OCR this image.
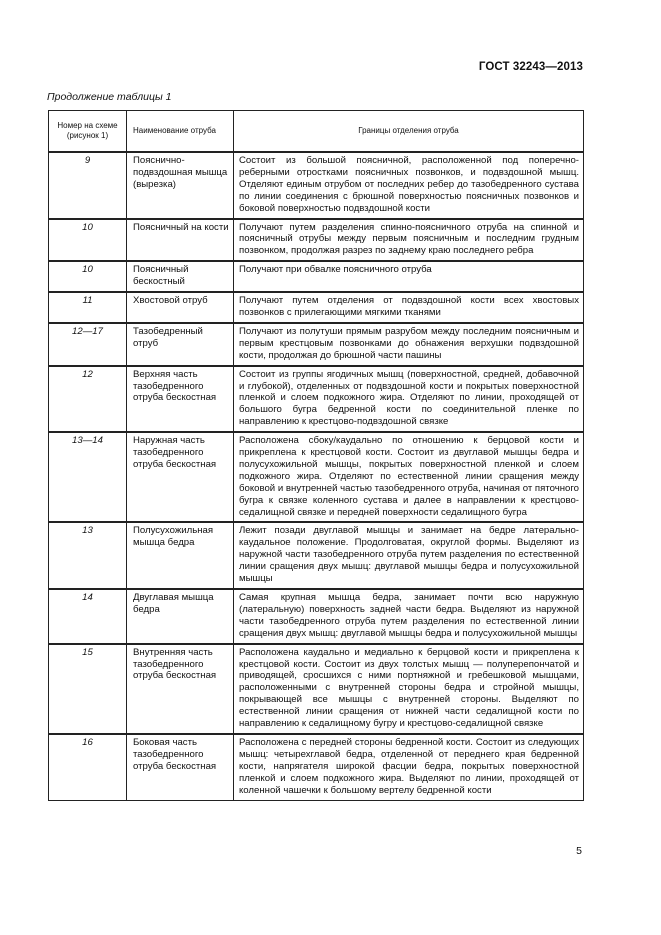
ГОСТ 32243—2013
Продолжение таблицы 1
Номер на схеме (рисунок 1)	Наименование отруба	Границы отделения отруба
9	Пояснично-подвздошная мышца (вырезка)	Состоит из большой поясничной, расположенной под поперечно-реберными отростками поясничных позвонков, и подвздошной мышц. Отделяют единым отрубом от последних ребер до тазобедренного сустава по линии соединения с брюшной поверхностью поясничных позвонков и боковой поверхностью подвздошной кости
10	Поясничный на кости	Получают путем разделения спинно-поясничного отруба на спинной и поясничный отрубы между первым поясничным и последним грудным позвонком, продолжая разрез по заднему краю последнего ребра
10	Поясничный бескостный	Получают при обвалке поясничного отруба
11	Хвостовой отруб	Получают путем отделения от подвздошной кости всех хвостовых позвонков с прилегающими мягкими тканями
12—17	Тазобедренный отруб	Получают из полутуши прямым разрубом между последним поясничным и первым крестцовым позвонками до обнажения верхушки подвздошной кости, продолжая до брюшной части пашины
12	Верхняя часть тазобедренного отруба бескостная	Состоит из группы ягодичных мышц (поверхностной, средней, добавочной и глубокой), отделенных от подвздошной кости и покрытых поверхностной пленкой и слоем подкожного жира. Отделяют по линии, проходящей от большого бугра бедренной кости по соединительной пленке по направлению к крестцово-подвздошной связке
13—14	Наружная часть тазобедренного отруба бескостная	Расположена сбоку/каудально по отношению к берцовой кости и прикреплена к крестцовой кости. Состоит из двуглавой мышцы бедра и полусухожильной мышцы, покрытых поверхностной пленкой и слоем подкожного жира. Отделяют по естественной линии сращения между боковой и внутренней частью тазобедренного отруба, начиная от пяточного бугра к связке коленного сустава и далее в направлении к крестцово-седалищной связке и передней поверхности седалищного бугра
13	Полусухожильная мышца бедра	Лежит позади двуглавой мышцы и занимает на бедре латерально-каудальное положение. Продолговатая, округлой формы. Выделяют из наружной части тазобедренного отруба путем разделения по естественной линии сращения двух мышц: двуглавой мышцы бедра и полусухожильной мышцы
14	Двуглавая мышца бедра	Самая крупная мышца бедра, занимает почти всю наружную (латеральную) поверхность задней части бедра. Выделяют из наружной части тазобедренного отруба путем разделения по естественной линии сращения двух мышц: двуглавой мышцы бедра и полусухожильной мышцы
15	Внутренняя часть тазобедренного отруба бескостная	Расположена каудально и медиально к берцовой кости и прикреплена к крестцовой кости. Состоит из двух толстых мышц — полуперепончатой и приводящей, сросшихся с ними портняжной и гребешковой мышцами, расположенными с внутренней стороны бедра и стройной мышцы, покрывающей все мышцы с внутренней стороны. Выделяют по естественной линии сращения от нижней части седалищной кости по направлению к седалищному бугру и крестцово-седалищной связке
16	Боковая часть тазобедренного отруба бескостная	Расположена с передней стороны бедренной кости. Состоит из следующих мышц: четырехглавой бедра, отделенной от переднего края бедренной кости, напрягателя широкой фасции бедра, покрытых поверхностной пленкой и слоем подкожного жира. Выделяют по линии, проходящей от коленной чашечки к большому вертелу бедренной кости
5
